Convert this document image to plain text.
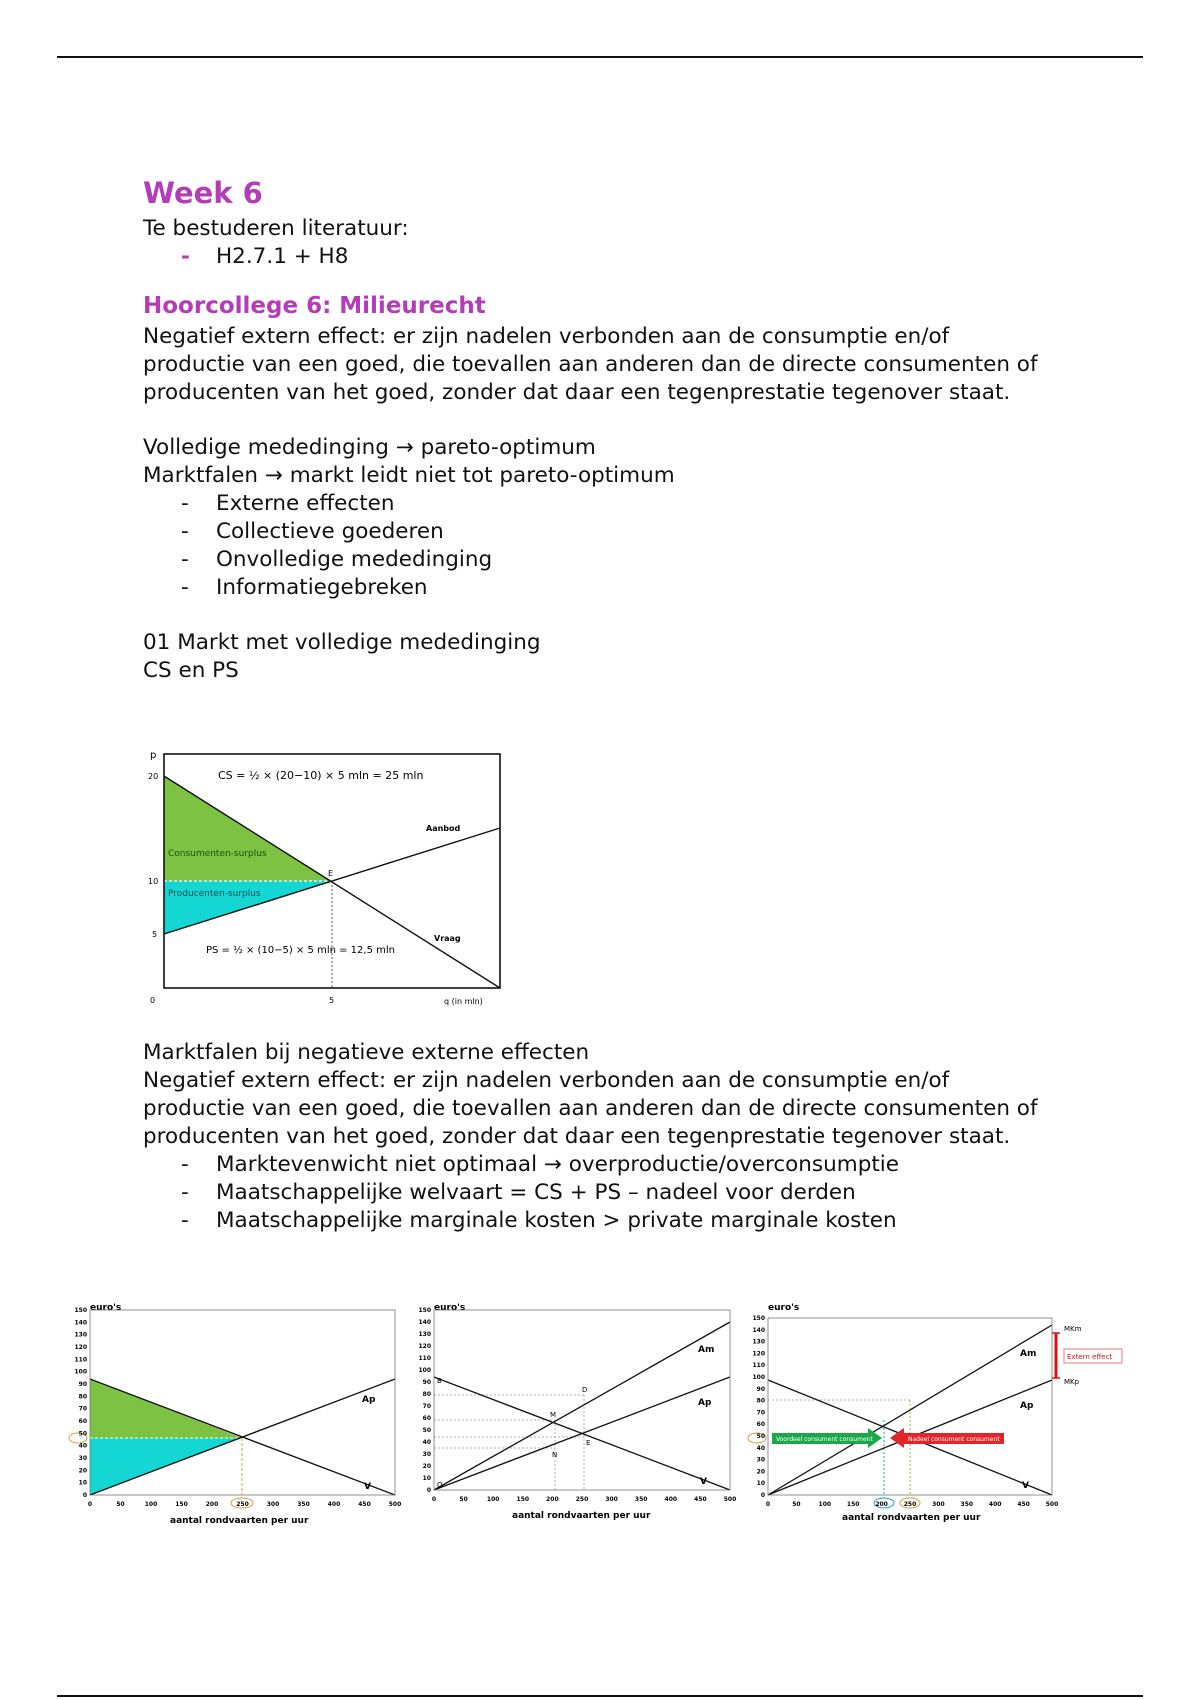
Week 6

Te bestuderen literatuur:

- H2.7.1 + H8
Hoorcollege 6: Milieurecht

Negatief extern effect: er zijn nadelen verbonden aan de consumptie en/of productie van een goed, die toevallen aan anderen dan de directe consumenten of producenten van het goed, zonder dat daar een tegenprestatie tegenover staat.

Volledige mededinging → pareto-optimum

Marktfalen → markt leidt niet tot pareto-optimum

- Externe effecten
- Collectieve goederen
- Onvolledige mededinging
- Informatiegebreken

01 Markt met volledige mededinging

CS en PS

p
CS = ½ × (20−10) × 5 mln = 25 mln
PS = ½ × (10−5) × 5 mln = 12,5 mln
Aanbod
Vraag
Consumenten-surplus
Producenten-surplus
E
20
10
5
0	5	q (in mln)

Marktfalen bij negatieve externe effecten

Negatief extern effect: er zijn nadelen verbonden aan de consumptie en/of productie van een goed, die toevallen aan anderen dan de directe consumenten of producenten van het goed, zonder dat daar een tegenprestatie tegenover staat.

- Marktevenwicht niet optimaal → overproductie/overconsumptie
- Maatschappelijke welvaart = CS + PS – nadeel voor derden
- Maatschappelijke marginale kosten > private marginale kosten
euro's
Ap
V
0
10
20
30
40
50
60
70
80
90
100
110
120
130
140
150
0	50	100	150	200	250	300	350	400	450	500
aantal rondvaarten per uur
euro's
Am
Ap
V
B
M
D
N
E
O
0
10
20
30
40
50
60
70
80
90
100
110
120
130
140
150
0	50	100	150	200	250	300	350	400	450	500
aantal rondvaarten per uur
euro's
Voordeel consument consument	Nadeel consument consument
Extern effect
MKm
MKp
Am
Ap
V
0
10
20
30
40
50
60
70
80
90
100
110
120
130
140
150
0	50	100	150	200	250	300	350	400	450	500
aantal rondvaarten per uur
